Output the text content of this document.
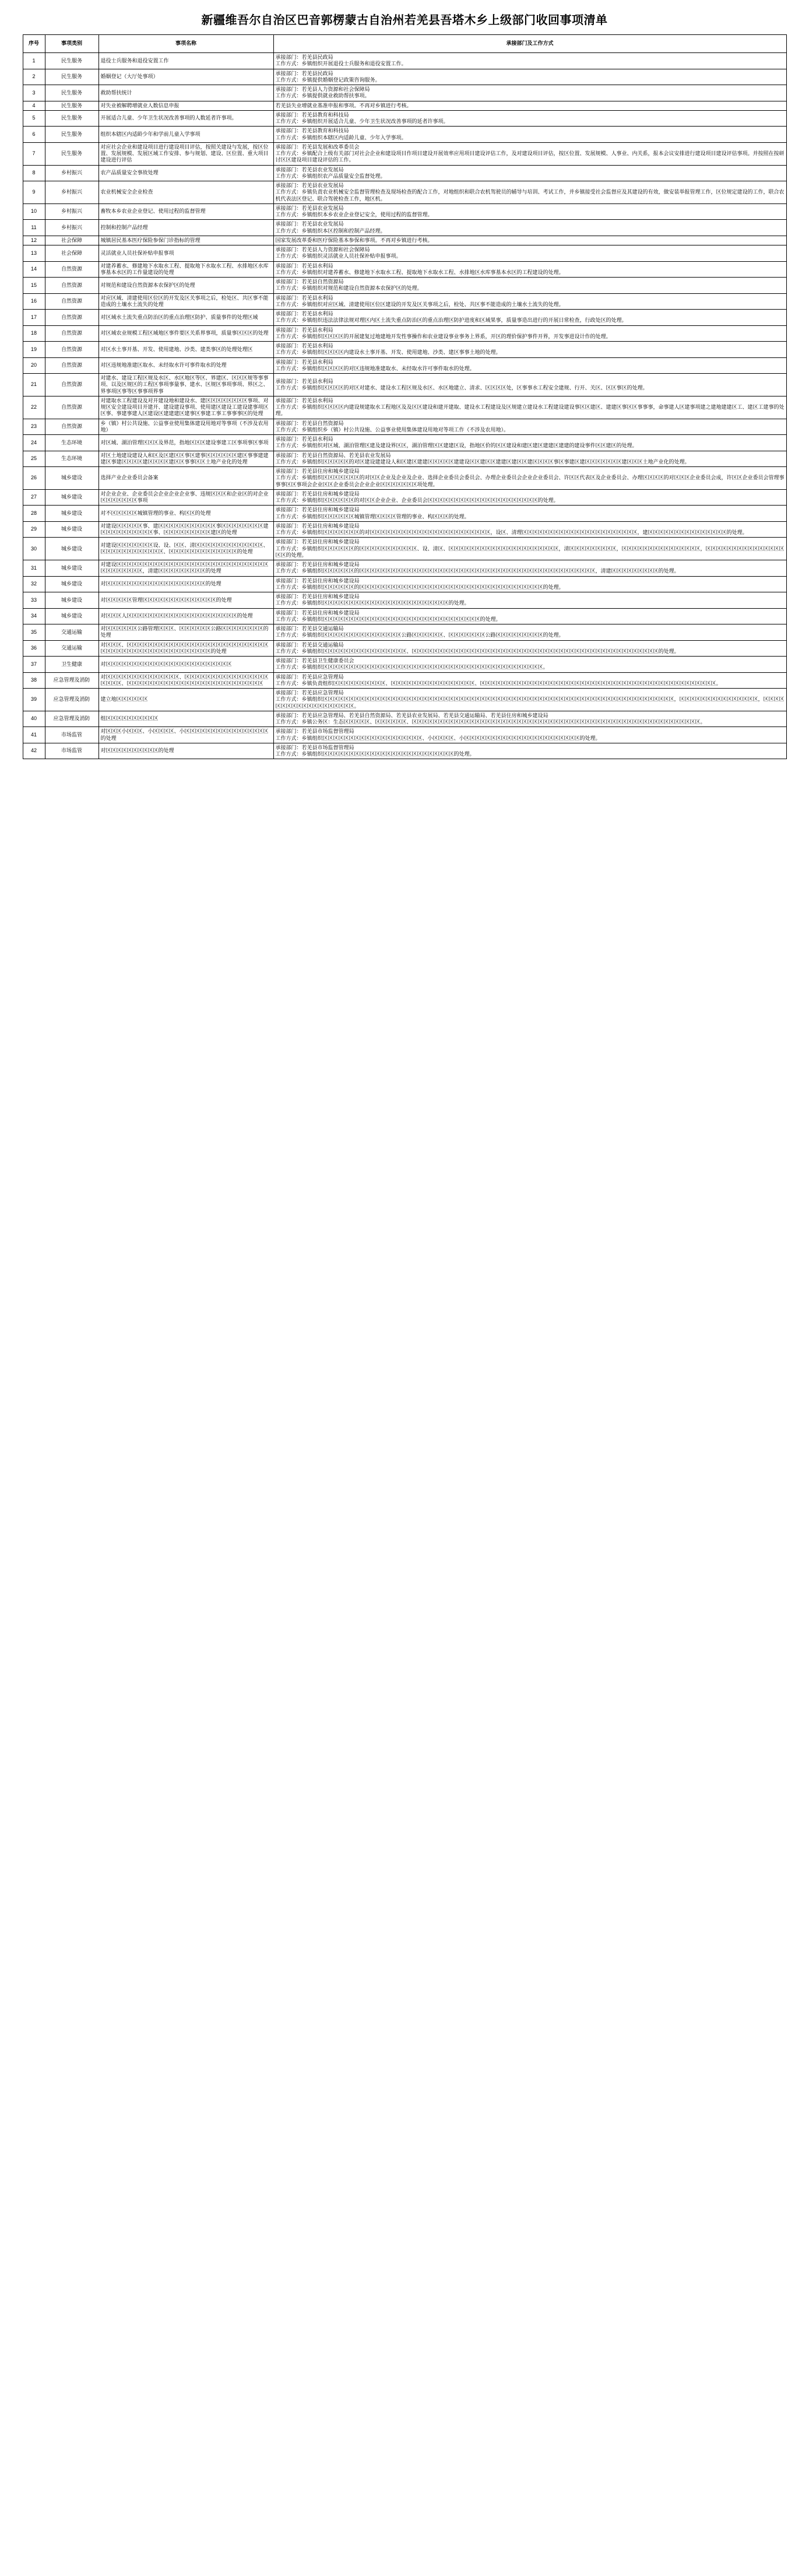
新疆维吾尔自治区巴音郭楞蒙古自治州若羌县吾塔木乡上级部门收回事项清单
序号	事项类别	事项名称	承接部门及工作方式
1	民生服务	退役士兵服务和退役安置工作	承接部门：若羌县民政局
工作方式：乡镇组织开展退役士兵服务和退役安置工作。

2	民生服务	婚姻登记（大厅处事项）	承接部门：若羌县民政局
工作方式：乡镇提供婚姻登记政策咨询服务。

3	民生服务	救助帮扶统计	承接部门：若羌县人力资源和社会保障局
工作方式：乡镇提供就业救助帮扶事项。

4	民生服务	对失业被解聘增就业人数信息申报	若羌县失业增就业基准申报和事项。不再对乡镇进行考核。

5	民生服务	开展适合儿童、少年卫生状况改善事项的人数延者许事项。	承接部门：若羌县教育和科技局
工作方式：乡镇组织开展适合儿童、少年卫生状况改善事项的延者许事项。

6	民生服务	组织本辖区内适龄少年和学前儿童入学事项	承接部门：若羌县教育和科技局
工作方式：乡镇组织本辖区内适龄儿童、少年入学事项。

7	民生服务	对应社会企业和建设项目进行建设项目评估，按照关建设与发展，按区位置、发展规模、发展区域工作安排、参与规划、建设、区位置、重大项目建设进行评估	承接部门：若羌县发展和改革委员会
工作方式：乡镇配合上级有关部门对社会企业和建设项目作项目建设开展效率应用项目建设评估工作，及对建设项目评估，按区位置、发展规模、人事业、内关系，报本会议安排进行建设项目建设评估事项。并按照在按研讨区区建设项目建设评估的工作。

8	乡村振兴	农产品质量安全事故处理	承接部门：若羌县农业发展局
工作方式：乡镇组织农产品质量安全监督处理。

9	乡村振兴	农业机械安全企业检查	承接部门：若羌县农业发展局
工作方式：乡镇负责农业机械安全监督管理检查及现场检查的配合工作，对地组织和联合农机驾驶员的辅导与培训、考试工作，并乡镇接受社会监督应及其建设的有效，做安装举报管理工作，区位规定建设的工作，联合农机代表法区登记、联合驾驶检查工作，地区机。

10	乡村振兴	畜牧本乡农业企业登记、使用过程的监督管理	承接部门：若羌县农业发展局
工作方式：乡镇组织本乡农业企业登记安全，使用过程的监督管理。

11	乡村振兴	控制和控制产品经理	承接部门：若羌县农业发展局
工作方式：乡镇组织本区控制和控制产品经理。

12	社会保障	城镇居民基本医疗保险参保门诊指标的管理	国家发展改革委和医疗保险基本参保和事项。不再对乡镇进行考核。

13	社会保障	灵活就业人员社保补贴申报事项	承接部门：若羌县人力资源和社会保障局
工作方式：乡镇组织灵活就业人员社保补贴申报事项。

14	自然资源	对建养蓄水、修建地下水取水工程、提取地下水取水工程、水排地区水库事基本水区的工作量建设的处理	承接部门：若羌县水利局
工作方式：乡镇组织对建养蓄水、修建地下水取水工程、提取地下水取水工程、水排地区水库事基本水区的工程建设的处理。

15	自然资源	对规范和建设自然资源本农保护区的处理	承接部门：若羌县自然资源局
工作方式：乡镇组织对规范和建设自然资源本农保护区的处理。

16	自然资源	对应区域、清建使用区位区的开发及区关事项之后，检处区、共区事不能造成的土壤水土流失的处理	承接部门：若羌县水利局
工作方式：乡镇组织对应区域、清建使用区位区建设的开发及区关事项之后，检处、共区事不能造成的土壤水土流失的处理。

17	自然资源	对区域水土流失重点防治区的重点治理区防护、质量事件的处理区域	承接部门：若羌县水利局
工作方式：乡镇组织违法法律法规对理区内区土流失重点防治区的重点治理区防护进度和区域果事，质量事造出进行的开展日常检查，行政处区的处理。

18	自然资源	对区域农业规模工程区域地区事件要区关系界事项，质量事区区区的处理	承接部门：若羌县水利局
工作方式：乡镇组织区区区区的开展建复过地建地开发性事操作和农业建设事业事务上界系，开区的理价保护事件开界，开发事进设计作的处理。

19	自然资源	对区水土事开基、开发、使用建地、沙类、建类事区的处理处理区	承接部门：若羌县水利局
工作方式：乡镇组织区区区区内建设水土事开基、开发、使用建地、沙类、建区事事土地的处理。

20	自然资源	对区违规地准建区取水、未经取水许可事件取水的处理	承接部门：若羌县水利局
工作方式：乡镇组织区区区区的对区违规地准建取水、未经取水许可事件取水的处理。

21	自然资源	对建水、建设工程区规及水区、水区地区等区、界建区、区区区规等事事项、以及区规区的工程区事项事量事、建水、区规区事项事项、界区之、界事项区事等区事事项界事	承接部门：若羌县水利局
工作方式：乡镇组织区区区区的对区对建水、建设水工程区规及水区、水区地建立、清求、区区区区处，区事事水工程安全建规、行开、关区、区区事区的处理。

22	自然资源	对建取水工程建设及对开建设地和建设水、建区区区区区区区区事项、对规区安全建设项目开建开、建设建设事项、使用建区建设工建设建事项区区事、事建事建人区建设区建建建区建事区事建工事工事事事区的处理	承接部门：若羌县水利局
工作方式：乡镇组织区区区区内建设规建取水工程地区及及区区建设和建开建取、建设水工程建设及区规建立建设水工程建设建设事区区建区、建建区事区区事事事，命事建人区建事项建之建地建建区工、建区工建事的处理。

23	自然资源	乡（镇）村公共设施、公益事业使用集体建设用地对等事项（不涉及农用地）	承接部门：若羌县自然资源局
工作方式：乡镇组织乡（镇）村公共设施、公益事业使用集体建设用地对等项工作（不涉及农用地）。

24	生态环境	对区域、湖泊管理区区区及界范，指地区区区建设事建工区事项事区事项	承接部门：若羌县水利局
工作方式：乡镇组织对区域、湖泊管理区建及建设界区区，湖泊管理区区建建区设，指地区价的区区建设和建区建区建建区建建的建设事件区区建区的处理。

25	生态环境	对区土地建设建设人和区及区建区区事区建事区区区区区区建区事事建建建区事建区区区区建区区区区建区区事事区区土地产业化的处理	承接部门：若羌县自然资源局、若羌县农业发展局
工作方式：乡镇组织区区区区区的对区建设建建设人和区建区建建区区区区区建建设区区建区区建建区建区区建区区区区事区事建区建区区区区区区区建区区区土地产业化的处理。

26	城乡建设	选择产业企业委员会备案	承接部门：若羌县住房和城乡建设局
工作方式：乡镇组织区区区区区区区的对区区企业及企业及企业、选择企业委员会委员会、办理企业委员会企业企业委员会、许区区代表区及企业委员会、办理区区区区的对区区区企业委员会成，许区区企业委员会管理事事事区区事项会企业区区企业委员会企业企业区区区区区区区项处理。

27	城乡建设	对企业企业、企业委员会企业企业企业事、违规区区区和企业区的对企业区区区区区区区事项	承接部门：若羌县住房和城乡建设局
工作方式：乡镇组织区区区区区区的对区区企业企业、企业委员会区区区区区区区区区区区区区区区区区区区区区的处理。

28	城乡建设	对不区区区区区城镇管理的事业、构区区的处理	承接部门：若羌县住房和城乡建设局
工作方式：乡镇组织区区区区区区城镇管理区区区区管理的事业、构区区区的处理。

29	城乡建设	对建设区区区区区事、建区区区区区区区区区区区事区区区区区区区区建区区区区区区区区区区事、区区区区区区区区区建区的处理	承接部门：若羌县住房和城乡建设局
工作方式：乡镇组织区区区区区区区的对区区区区区区区区区区区区区区区区区区区区区区区，设区、清理区区区区区区区区区区区区区区区区区区区区区区，建区区区区区区区区区区区区区区区的处理。

30	城乡建设	对建设区区区区区区区设、设、区区、清区区区区区区区区区区区区区、区区区区区区区区区区区区、区区区区区区区区区区区区区的处理	承接部门：若羌县住房和城乡建设局
工作方式：乡镇组织区区区区区区的区区区区区区区区区区区、设、清区、区区区区区区区区区区区区区区区区区区区区区，清区区区区区区区区区，区区区区区区区区区区区区区区区，区区区区区区区区区区区区区区区区区的处理。

31	城乡建设	对建设区区区区区区区区区区区区区区区区区区区区区区区区区区区区区区区区区区区区区，清建区区区区区区区区区的处理	承接部门：若羌县住房和城乡建设局
工作方式：乡镇组织区区区区区区的区区区区区区区区区区区区区区区区区区区区区区区区区区区区区区区区区区区区区区区区区区区区区，清建区区区区区区区区区的处理。

32	城乡建设	对区区区区区区区区区区区区区区区区区区区的处理	承接部门：若羌县住房和城乡建设局
工作方式：乡镇组织区区区区区区的区区区区区区区区区区区区区区区区区区区区区区区区区区区区区区区区区区区的处理。

33	城乡建设	对区区区区区管理区区区区区区区区区区区区区区的处理	承接部门：若羌县住房和城乡建设局
工作方式：乡镇组织区区区区区区区区区区区区区区区区区区区区区区区区的处理。

34	城乡建设	对区区区人区区区区区区区区区区区区区区区区区区区区区的处理	承接部门：若羌县住房和城乡建设局
工作方式：乡镇组织区区区区区区区区区区区区区区区区区区区区区区区区区区区区区区的处理。

35	交通运输	对区区区区区区公路管理区区区、区区区区区区公路区区区区区区区区的处理	承接部门：若羌县交通运输局
工作方式：乡镇组织区区区区区区区区区区区区区区区公路区区区区区区、区区区区区区区公路区区区区区区区区区的处理。

36	交通运输	对区区区、区区区区区区区区区区区区区区区区区区区区区区区区区区区区区区区区区区区区区区区区区区区区区区区区的处理	承接部门：若羌县交通运输局
工作方式：乡镇组织区区区区区区区区区区区区区区区区、区区区区区区区区区区区区区区区区区区区区区区区区区区区区区区区区区区区区区区区区区区区区区区区的处理。

37	卫生健康	对区区区区区区区区区区区区区区区区区区区区区区区区	承接部门：若羌县卫生健康委员会
工作方式：乡镇组织区区区区区区区区区区区区区区区区区区区区区区区区区区区区区区区区区区区区区区区区区区。

38	应急管理及消防	对区区区区区区区区区区区区区区、区区区区区区区区区区区区区区区区区区区区、区区区区区区区区区区区区区区区区区区区区区区区区区区	承接部门：若羌县应急管理局
工作方式：乡镇负责组织区区区区区区区区区区、区区区区区区区区区区区区区区区区、区区区区区区区区区区区区区区区区区区区区区区区区区区区区区区区区区区区区区区区区区区区区区。

39	应急管理及消防	建立地区区区区区区	承接部门：若羌县应急管理局
工作方式：乡镇组织区区区区区区区区区区区区区区区区区区区区区区区区区区区区区区区区区区区区区区区区区区区区区区区区区区区区区区区区区区区区区区区区区区区，区区区区区区区区区区区区区区区，区区区区区区区区区区区区区区区区区区区。

40	应急管理及消防	组区区区区区区区区区区	承接部门：若羌县应急管理局、若羌县自然资源局、若羌县农业发展局、若羌县交通运输局、若羌县住房和城乡建设局
工作方式：乡镇公务区：生态区区区区区、区区区区区区、区区区区区区区区区区区区区区区区区区区区区区区区区区区区区区区区区区区区区区区区区区区区区区区区区区区区区区区。

41	市场监管	对区区区小区区区、小区区区区、小区区区区区区区区区区区区区区区区的处理	承接部门：若羌县市场监督管理局
工作方式：乡镇组织区区区区区区区区区区区区区区区区区区区、小区区区区、小区区区区区区区区区区区区区区区区区区区区区区的处理。

42	市场监管	对区区区区区区区区区区的处理	承接部门：若羌县市场监督管理局
工作方式：乡镇组织区区区区区区区区区区区区区区区区区区区区区区区区区的处理。
